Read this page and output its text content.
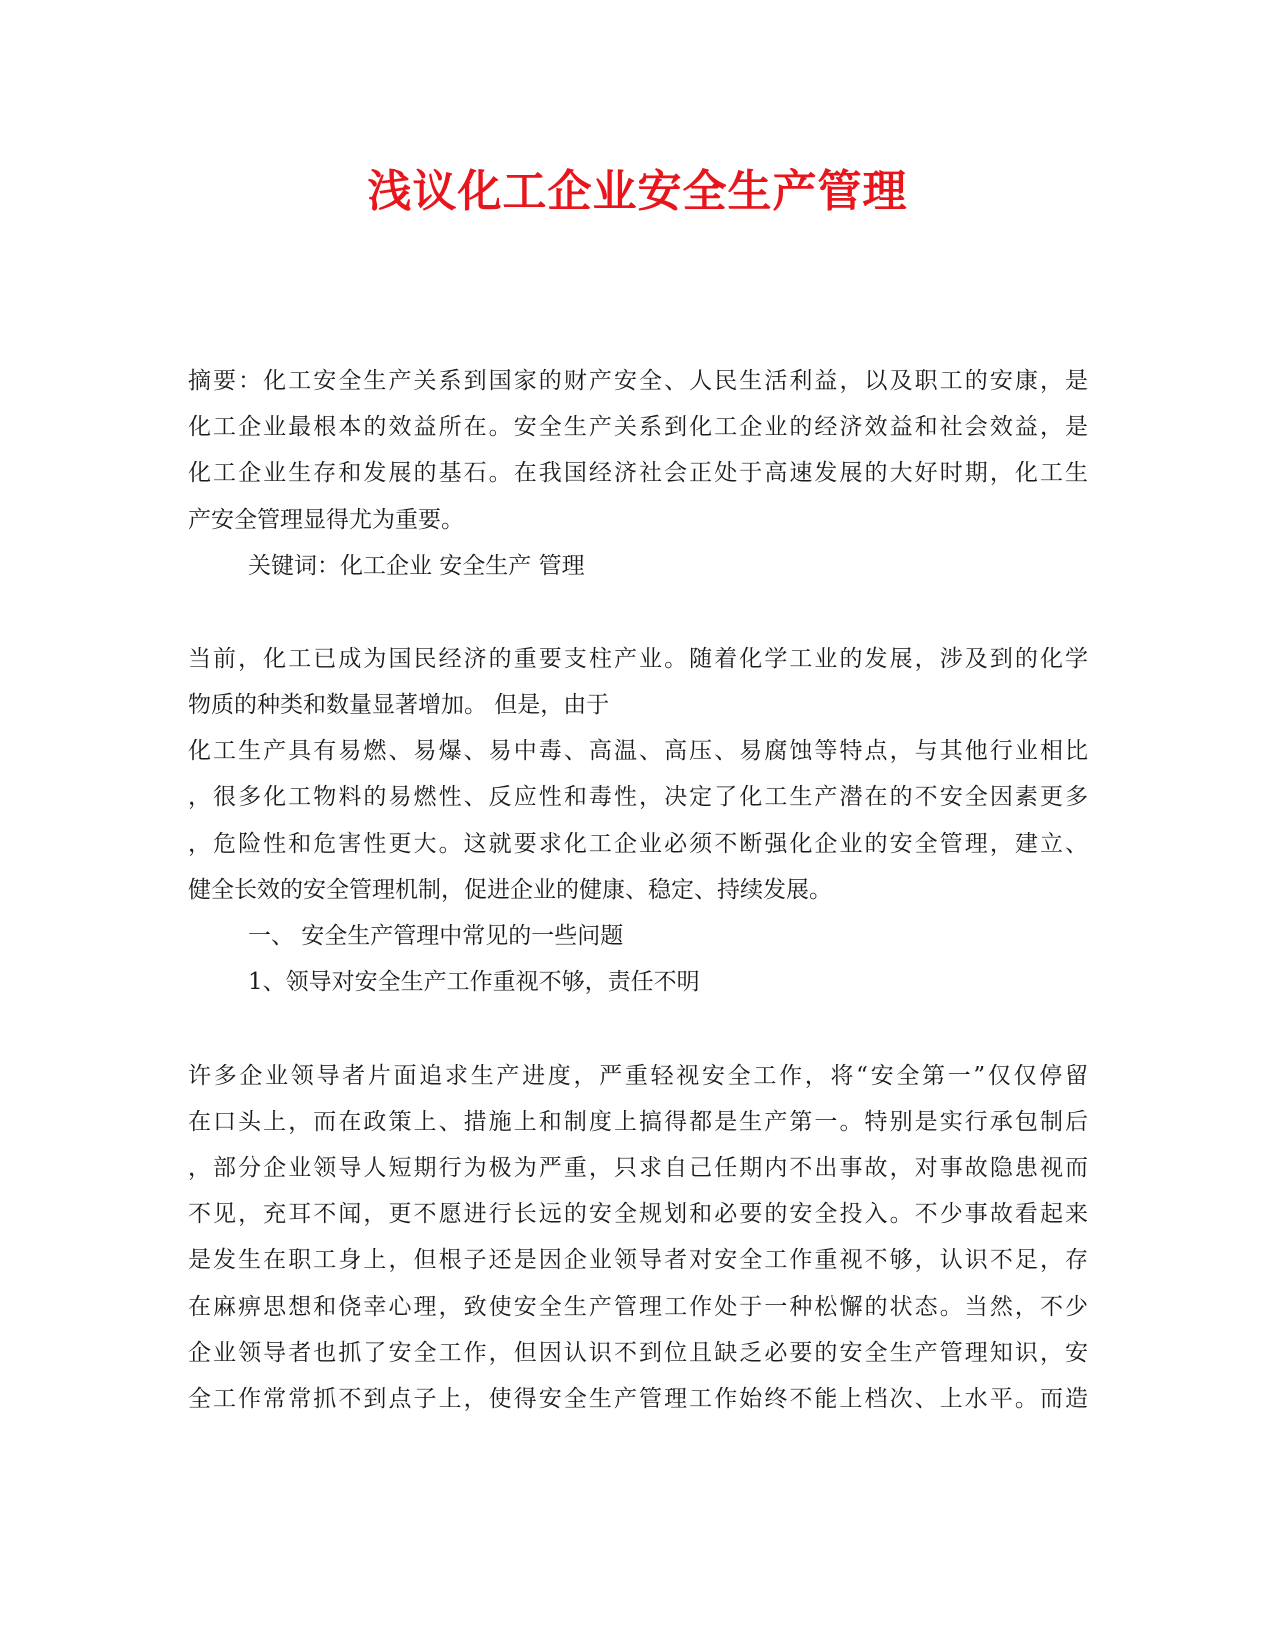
浅议化工企业安全生产管理
摘要：化工安全生产关系到国家的财产安全、人民生活利益，以及职工的安康，是
化工企业最根本的效益所在。安全生产关系到化工企业的经济效益和社会效益，是
化工企业生存和发展的基石。在我国经济社会正处于高速发展的大好时期，化工生
产安全管理显得尤为重要。
关键词：化工企业 安全生产 管理
当前，化工已成为国民经济的重要支柱产业。随着化学工业的发展，涉及到的化学
物质的种类和数量显著增加。 但是，由于
化工生产具有易燃、易爆、易中毒、高温、高压、易腐蚀等特点，与其他行业相比
，很多化工物料的易燃性、反应性和毒性，决定了化工生产潜在的不安全因素更多
，危险性和危害性更大。这就要求化工企业必须不断强化企业的安全管理，建立、
健全长效的安全管理机制，促进企业的健康、稳定、持续发展。
一、 安全生产管理中常见的一些问题
1、领导对安全生产工作重视不够，责任不明
许多企业领导者片面追求生产进度，严重轻视安全工作，将“安全第一”仅仅停留
在口头上，而在政策上、措施上和制度上搞得都是生产第一。特别是实行承包制后
，部分企业领导人短期行为极为严重，只求自己任期内不出事故，对事故隐患视而
不见，充耳不闻，更不愿进行长远的安全规划和必要的安全投入。不少事故看起来
是发生在职工身上，但根子还是因企业领导者对安全工作重视不够，认识不足，存
在麻痹思想和侥幸心理，致使安全生产管理工作处于一种松懈的状态。当然，不少
企业领导者也抓了安全工作，但因认识不到位且缺乏必要的安全生产管理知识，安
全工作常常抓不到点子上，使得安全生产管理工作始终不能上档次、上水平。而造
